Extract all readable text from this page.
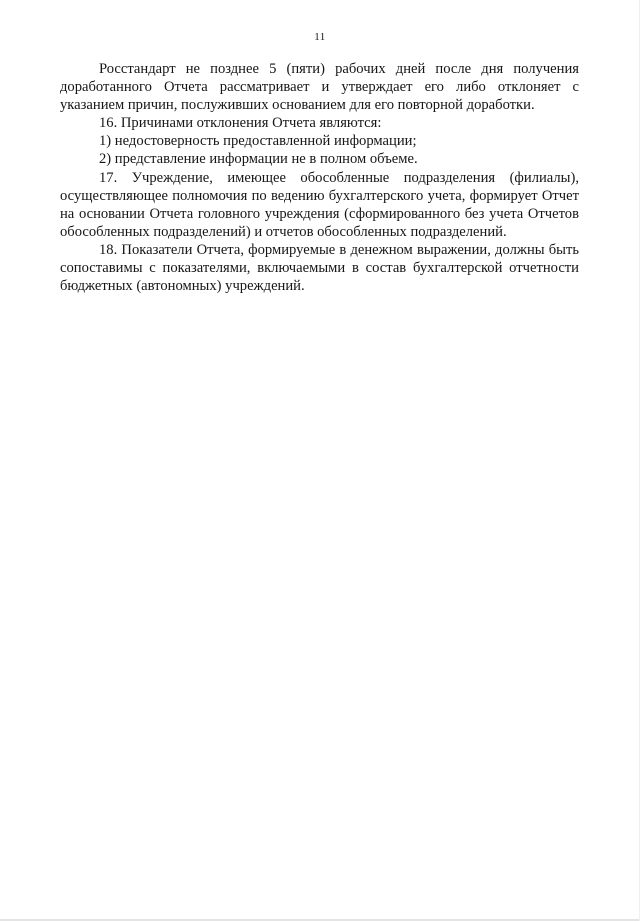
11

Росстандарт не позднее 5 (пяти) рабочих дней после дня получения доработанного Отчета рассматривает и утверждает его либо отклоняет с указанием причин, послуживших основанием для его повторной доработки.

16. Причинами отклонения Отчета являются:

1) недостоверность предоставленной информации;

2) представление информации не в полном объеме.

17. Учреждение, имеющее обособленные подразделения (филиалы), осуществляющее полномочия по ведению бухгалтерского учета, формирует Отчет на основании Отчета головного учреждения (сформированного без учета Отчетов обособленных подразделений) и отчетов обособленных подразделений.

18. Показатели Отчета, формируемые в денежном выражении, должны быть сопоставимы с показателями, включаемыми в состав бухгалтерской отчетности бюджетных (автономных) учреждений.
